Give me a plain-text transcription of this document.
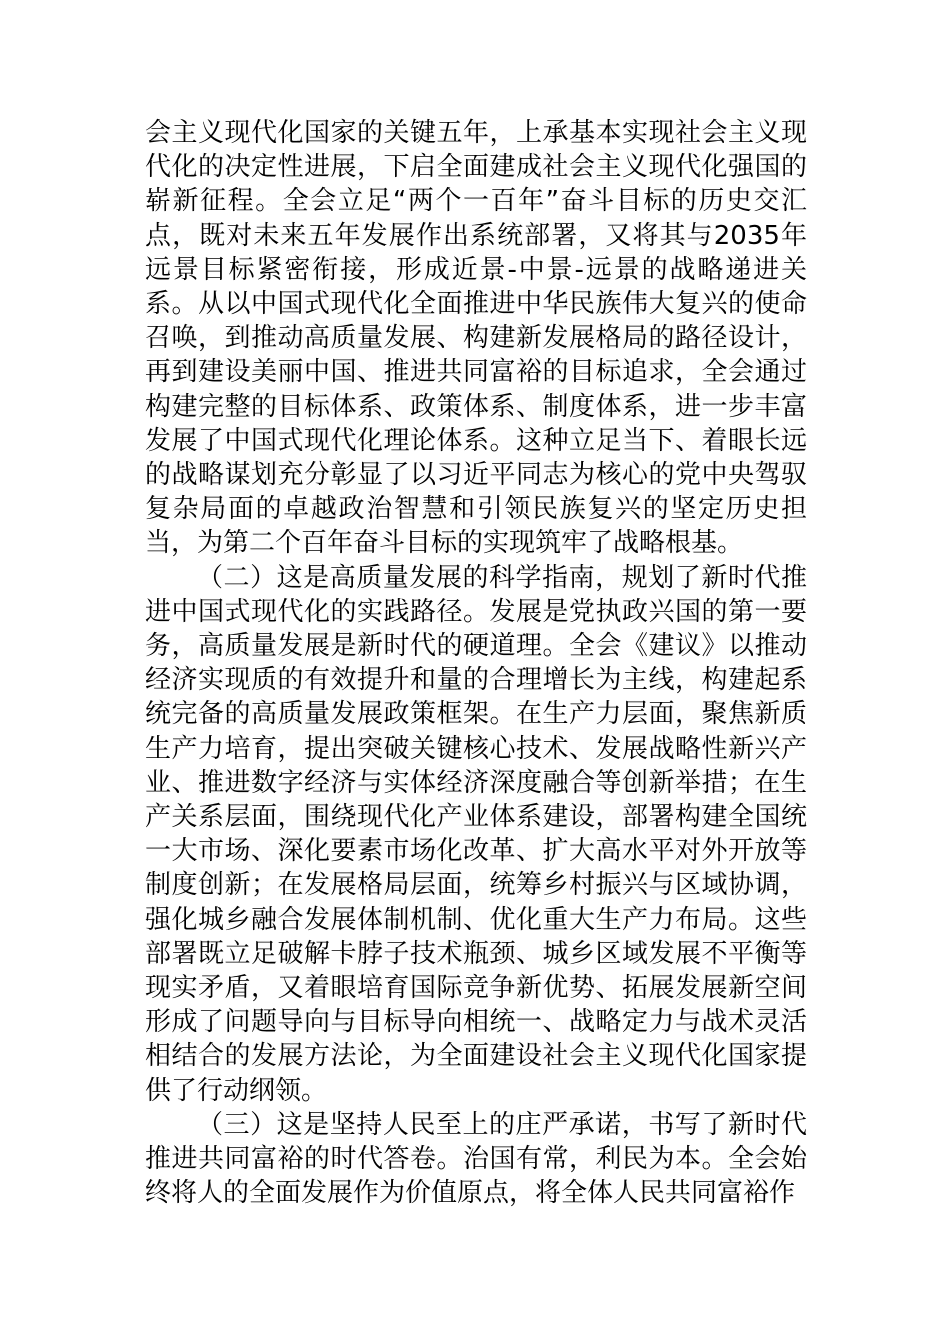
会主义现代化国家的关键五年，上承基本实现社会主义现代化的决定性进展，下启全面建成社会主义现代化强国的崭新征程。全会立足“两个一百年”奋斗目标的历史交汇点，既对未来五年发展作出系统部署，又将其与2035年远景目标紧密衔接，形成近景-中景-远景的战略递进关系。从以中国式现代化全面推进中华民族伟大复兴的使命召唤，到推动高质量发展、构建新发展格局的路径设计，再到建设美丽中国、推进共同富裕的目标追求，全会通过构建完整的目标体系、政策体系、制度体系，进一步丰富发展了中国式现代化理论体系。这种立足当下、着眼长远的战略谋划充分彰显了以习近平同志为核心的党中央驾驭复杂局面的卓越政治智慧和引领民族复兴的坚定历史担当，为第二个百年奋斗目标的实现筑牢了战略根基。

（二）这是高质量发展的科学指南，规划了新时代推进中国式现代化的实践路径。发展是党执政兴国的第一要务，高质量发展是新时代的硬道理。全会《建议》以推动经济实现质的有效提升和量的合理增长为主线，构建起系统完备的高质量发展政策框架。在生产力层面，聚焦新质生产力培育，提出突破关键核心技术、发展战略性新兴产业、推进数字经济与实体经济深度融合等创新举措；在生产关系层面，围绕现代化产业体系建设，部署构建全国统一大市场、深化要素市场化改革、扩大高水平对外开放等制度创新；在发展格局层面，统筹乡村振兴与区域协调，强化城乡融合发展体制机制、优化重大生产力布局。这些部署既立足破解卡脖子技术瓶颈、城乡区域发展不平衡等现实矛盾，又着眼培育国际竞争新优势、拓展发展新空间形成了问题导向与目标导向相统一、战略定力与战术灵活相结合的发展方法论，为全面建设社会主义现代化国家提供了行动纲领。

（三）这是坚持人民至上的庄严承诺，书写了新时代推进共同富裕的时代答卷。治国有常，利民为本。全会始终将人的全面发展作为价值原点，将全体人民共同富裕作
